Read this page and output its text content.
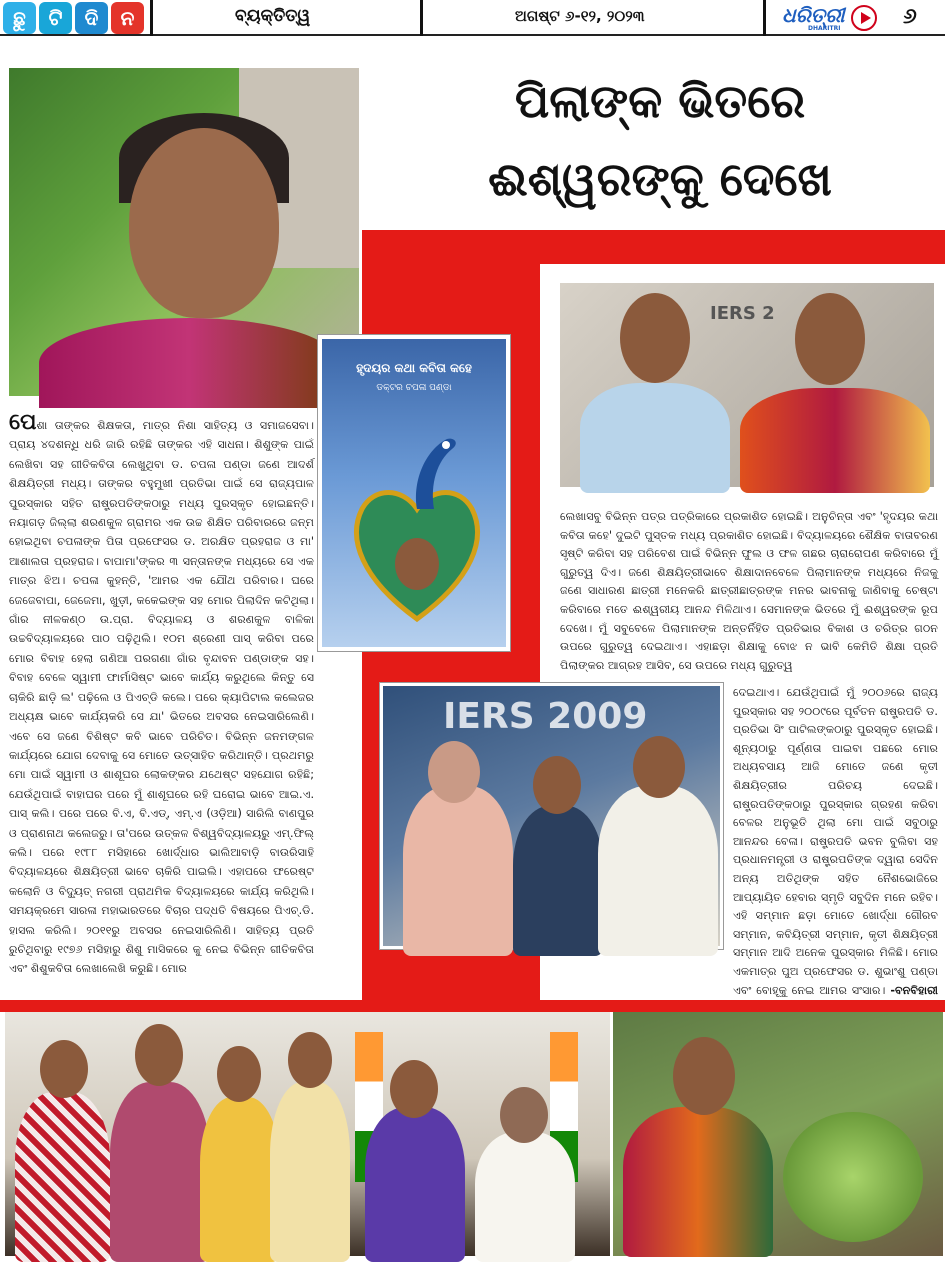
ଛୁ	ଟି	ଦି	ନ	ବ୍ୟକ୍ତିତ୍ୱ	ଅଗଷ୍ଟ ୬-୧୨, ୨୦୨୩	ଧରିତ୍ରୀ
DHARITRI	୬
ପିଲାଙ୍କ ଭିତରେ
ଈଶ୍ୱରଙ୍କୁ ଦେଖେ
ହୃଦୟର କଥା କବିତା କହେ
ଡକ୍ଟର ଚପଳା ପଣ୍ଡା
IERS 2
IERS 2009
ପେଶା ତାଙ୍କର ଶିକ୍ଷକତା, ମାତ୍ର ନିଶା ସାହିତ୍ୟ ଓ ସମାଜସେବା। ପ୍ରାୟ ୪ଦଶନ୍ଧି ଧରି ଜାରି ରହିଛି ତାଙ୍କର ଏହି ସାଧନା। ଶିଶୁଙ୍କ ପାଇଁ ଲେଖିବା ସହ ଗୀତିକବିତା ଲେଖୁଥିବା ଡ. ଚପଳା ପଣ୍ଡା ଜଣେ ଆଦର୍ଶ ଶିକ୍ଷୟିତ୍ରୀ ମଧ୍ୟ। ତାଙ୍କର ବହୁମୁଖୀ ପ୍ରତିଭା ପାଇଁ ସେ ରାଜ୍ୟପାଳ ପୁରସ୍କାର ସହିତ ରାଷ୍ଟ୍ରପତିଙ୍କଠାରୁ ମଧ୍ୟ ପୁରସ୍କୃତ ହୋଇଛନ୍ତି। ନୟାଗଡ଼ ଜିଲ୍ଲା ଶରଣକୁଳ ଗ୍ରାମର ଏକ ଉଚ୍ଚ ଶିକ୍ଷିତ ପରିବାରରେ ଜନ୍ମ ହୋଇଥିବା ଚପଳାଙ୍କ ପିତା ପ୍ରଫେସର ଡ. ଅରକ୍ଷିତ ପ୍ରହରାଜ ଓ ମା' ଆଶାଲତା ପ୍ରହରାଜ। ବାପାମା'ଙ୍କର ୩ ସନ୍ତାନଙ୍କ ମଧ୍ୟରେ ସେ ଏକ ମାତ୍ର ଝିଅ। ଚପଳା କୁହନ୍ତି, 'ଆମର ଏକ ଯୌଥ ପରିବାର। ଘରେ ଜେଜେବାପା, ଜେଜେମା, ଖୁଡ଼ୀ, କକେଇଙ୍କ ସହ ମୋର ପିଲାଦିନ କଟିଥିଲା। ଗାଁର ନୀଳକଣ୍ଠ ଉ.ପ୍ରା. ବିଦ୍ୟାଳୟ ଓ ଶରଣକୁଳ ବାଳିକା ଉଚ୍ଚବିଦ୍ୟାଳୟରେ ପାଠ ପଢ଼ିଥିଲି। ୧୦ମ ଶ୍ରେଣୀ ପାସ୍ କରିବା ପରେ ମୋର ବିବାହ ହେଲା ଗଣିଆ ପରଗଣା ଗାଁର ବୃନ୍ଦାବନ ପଣ୍ଡାଙ୍କ ସହ। ବିବାହ ବେଳେ ସ୍ୱାମୀ ଫାର୍ମାସିଷ୍ଟ ଭାବେ କାର୍ଯ୍ୟ କରୁଥିଲେ କିନ୍ତୁ ସେ ଚାକିରି ଛାଡ଼ି ଲ' ପଢ଼ିଲେ ଓ ପିଏଚ୍‌ଡି କଲେ। ପରେ କ୍ୟାପିଟାଲ କଲେଜର ଅଧ୍ୟକ୍ଷ ଭାବେ କାର୍ଯ୍ୟକରି ସେ ଯା' ଭିତରେ ଅବସର ନେଇସାରିଲେଣି। ଏବେ ସେ ଜଣେ ବିଶିଷ୍ଟ କବି ଭାବେ ପରିଚିତ। ବିଭିନ୍ନ ଜନମଙ୍ଗଳ କାର୍ଯ୍ୟରେ ଯୋଗ ଦେବାକୁ ସେ ମୋତେ ଉତ୍ସାହିତ କରିଥାନ୍ତି। ପ୍ରଥମରୁ ମୋ ପାଇଁ ସ୍ୱାମୀ ଓ ଶାଶୂଘର ଲୋକଙ୍କର ଯଥେଷ୍ଟ ସହଯୋଗ ରହିଛି; ଯେଉଁଥିପାଇଁ ବାହାଘର ପରେ ମୁଁ ଶାଶୂଘରେ ରହି ଘରୋଇ ଭାବେ ଆଇ.ଏ. ପାସ୍ କଲି। ପରେ ପରେ ବି.ଏ, ବି.ଏଡ୍, ଏମ୍.ଏ (ଓଡ଼ିଆ) ସାରିଲି ବାଣପୁର ଓ ପ୍ରାଣନାଥ କଲେଜରୁ। ତା'ପରେ ଉତ୍କଳ ବିଶ୍ୱବିଦ୍ୟାଳୟରୁ ଏମ୍.ଫିଲ୍ କଲି। ପରେ ୧୯୮୮ ମସିହାରେ ଖୋର୍ଦ୍ଧାର ଭାଲିଆବାଡ଼ି ବାଉରିସାହି ବିଦ୍ୟାଳୟରେ ଶିକ୍ଷୟିତ୍ରୀ ଭାବେ ଚାକିରି ପାଇଲି। ଏହାପରେ ଫରେଷ୍ଟ କଲୋନି ଓ ବିଦ୍ୟୁତ୍ ନଗରୀ ପ୍ରାଥମିକ ବିଦ୍ୟାଳୟରେ କାର୍ଯ୍ୟ କରିଥିଲି। ସମୟକ୍ରମେ ସାରଳା ମହାଭାରତରେ ବିଚାର ପଦ୍ଧତି ବିଷୟରେ ପିଏଚ୍.ଡି. ହାସଲ କରିଲି। ୨୦୧୧ରୁ ଅବସର ନେଇସାରିଲିଣି। ସାହିତ୍ୟ ପ୍ରତି ରୁଚିଥିବାରୁ ୧୯୭୬ ମସିହାରୁ ଶିଶୁ ମାସିକରେ କୁ ନେଇ ବିଭିନ୍ନ ଗୀତିକବିତା ଏବଂ ଶିଶୁକବିତା ଲେଖାଲେଖି କରୁଛି। ମୋର
ଲେଖାସବୁ ବିଭିନ୍ନ ପତ୍ର ପତ୍ରିକାରେ ପ୍ରକାଶିତ ହୋଇଛି। ଅନୁଚିନ୍ତା ଏବଂ 'ହୃଦୟର କଥା କବିତା କହେ' ଦୁଇଟି ପୁସ୍ତକ ମଧ୍ୟ ପ୍ରକାଶିତ ହୋଇଛି। ବିଦ୍ୟାଳୟରେ ଶୈକ୍ଷିକ ବାତାବରଣ ସୃଷ୍ଟି କରିବା ସହ ପରିବେଶ ପାଇଁ ବିଭିନ୍ନ ଫୁଲ ଓ ଫଳ ଗଛର ଚାରାରୋପଣ କରିବାରେ ମୁଁ ଗୁରୁତ୍ୱ ଦିଏ। ଜଣେ ଶିକ୍ଷୟିତ୍ରୀଭାବେ ଶିକ୍ଷାଦାନବେଳେ ପିଲାମାନଙ୍କ ମଧ୍ୟରେ ନିଜକୁ ଜଣେ ସାଧାରଣ ଛାତ୍ରୀ ମନେକରି ଛାତ୍ରୀଛାତ୍ରଙ୍କ ମନର ଭାବନାକୁ ଜାଣିବାକୁ ଚେଷ୍ଟା କରିବାରେ ମତେ ଈଶ୍ୱରୀୟ ଆନନ୍ଦ ମିଳିଥାଏ। ସେମାନଙ୍କ ଭିତରେ ମୁଁ ଈଶ୍ୱରଙ୍କ ରୂପ ଦେଖେ। ମୁଁ ସବୁବେଳେ ପିଲାମାନଙ୍କ ଅନ୍ତର୍ନିହିତ ପ୍ରତିଭାର ବିକାଶ ଓ ଚରିତ୍ର ଗଠନ ଉପରେ ଗୁରୁତ୍ୱ ଦେଇଥାଏ। ଏହାଛଡ଼ା ଶିକ୍ଷାକୁ ବୋଝ ନ ଭାବି କେମିତି ଶିକ୍ଷା ପ୍ରତି ପିଲାଙ୍କର ଆଗ୍ରହ ଆସିବ, ସେ ଉପରେ ମଧ୍ୟ ଗୁରୁତ୍ୱ
ଦେଇଥାଏ। ଯେଉଁଥିପାଇଁ ମୁଁ ୨୦୦୬ରେ ରାଜ୍ୟ ପୁରସ୍କାର ସହ ୨୦୦୯ରେ ପୂର୍ବତନ ରାଷ୍ଟ୍ରପତି ଡ. ପ୍ରତିଭା ସିଂ ପାଟିଲଙ୍କଠାରୁ ପୁରସ୍କୃତ ହୋଇଛି। ଶୂନ୍ୟଠାରୁ ପୂର୍ଣ୍ଣତା ପାଇବା ପଛରେ ମୋର ଅଧ୍ୟବସାୟ ଆଜି ମୋତେ ଜଣେ କୃତୀ ଶିକ୍ଷୟିତ୍ରୀର ପରିଚୟ ଦେଇଛି। ରାଷ୍ଟ୍ରପତିଙ୍କଠାରୁ ପୁରସ୍କାର ଗ୍ରହଣ କରିବା ବେଳର ଅନୁଭୂତି ଥିଲା ମୋ ପାଇଁ ସବୁଠାରୁ ଆନନ୍ଦର ବେଳା। ରାଷ୍ଟ୍ରପତି ଭବନ ବୁଲିବା ସହ ପ୍ରଧାନମନ୍ତ୍ରୀ ଓ ରାଷ୍ଟ୍ରପତିଙ୍କ ଦ୍ୱାରା ସେଦିନ ଅନ୍ୟ ଅତିଥିଙ୍କ ସହିତ ନୈଶଭୋଜିରେ ଆପ୍ୟାୟିତ ହେବାର ସ୍ମୃତି ସବୁଦିନ ମନେ ରହିବ। ଏହି ସମ୍ମାନ ଛଡ଼ା ମୋତେ ଖୋର୍ଦ୍ଧା ଗୌରବ ସମ୍ମାନ, କବିୟିତ୍ରୀ ସମ୍ମାନ, କୃତୀ ଶିକ୍ଷୟିତ୍ରୀ ସମ୍ମାନ ଆଦି ଅନେକ ପୁରସ୍କାର ମିଳିଛି। ମୋର ଏକମାତ୍ର ପୁଅ ପ୍ରଫେସର ଡ. ଶୁଭାଂଶୁ ପଣ୍ଡା ଏବଂ ବୋହୂକୁ ନେଇ ଆମର ସଂସାର। -ବନବିହାରୀ
